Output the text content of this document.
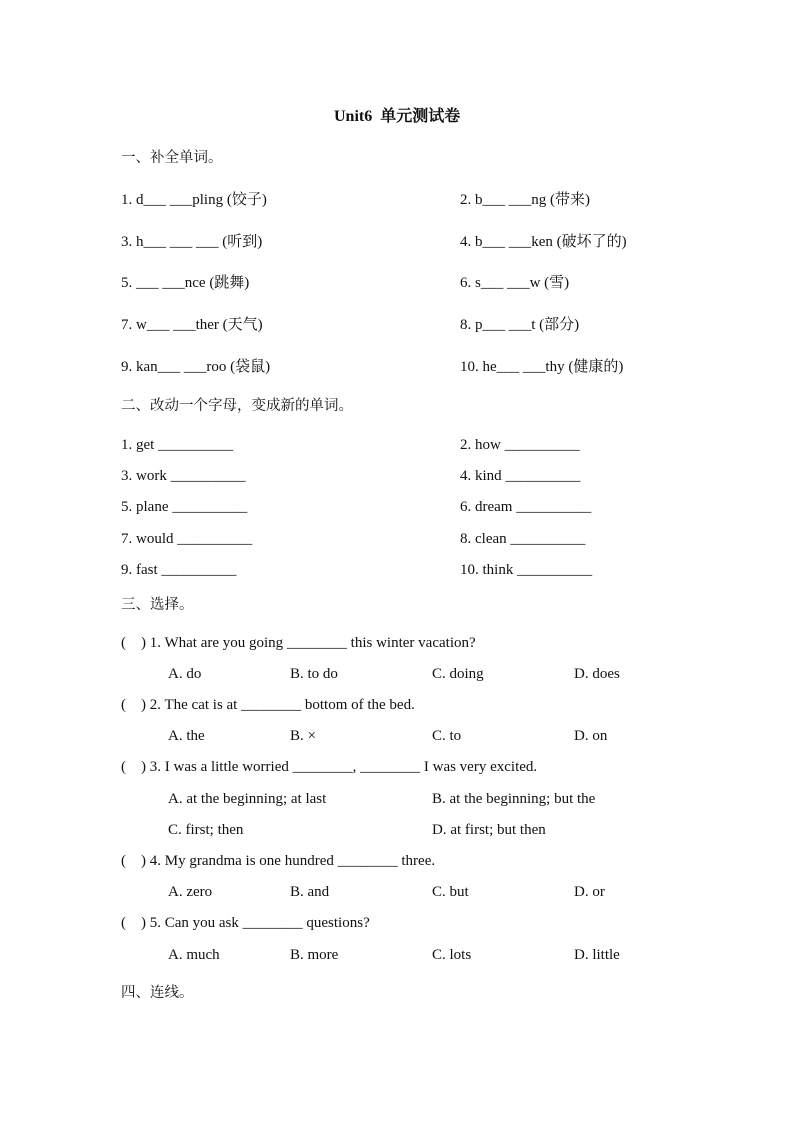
Unit6  单元测试卷
一、补全单词。
1. d___ ___pling (饺子)	2. b___ ___ng (带来)
3. h___ ___ ___ (听到)	4. b___ ___ken (破坏了的)
5. ___ ___nce (跳舞)	6. s___ ___w (雪)
7. w___ ___ther (天气)	8. p___ ___t (部分)
9. kan___ ___roo (袋鼠)	10. he___ ___thy (健康的)
二、改动一个字母，变成新的单词。
1. get __________	2. how __________
3. work __________	4. kind __________
5. plane __________	6. dream __________
7. would __________	8. clean __________
9. fast __________	10. think __________
三、选择。
(    ) 1. What are you going ________ this winter vacation?
A. do	B. to do	C. doing	D. does
(    ) 2. The cat is at ________ bottom of the bed.
A. the	B. ×	C. to	D. on
(    ) 3. I was a little worried ________, ________ I was very excited.
A. at the beginning; at last	B. at the beginning; but the
C. first; then	D. at first; but then
(    ) 4. My grandma is one hundred ________ three.
A. zero	B. and	C. but	D. or
(    ) 5. Can you ask ________ questions?
A. much	B. more	C. lots	D. little
四、连线。
